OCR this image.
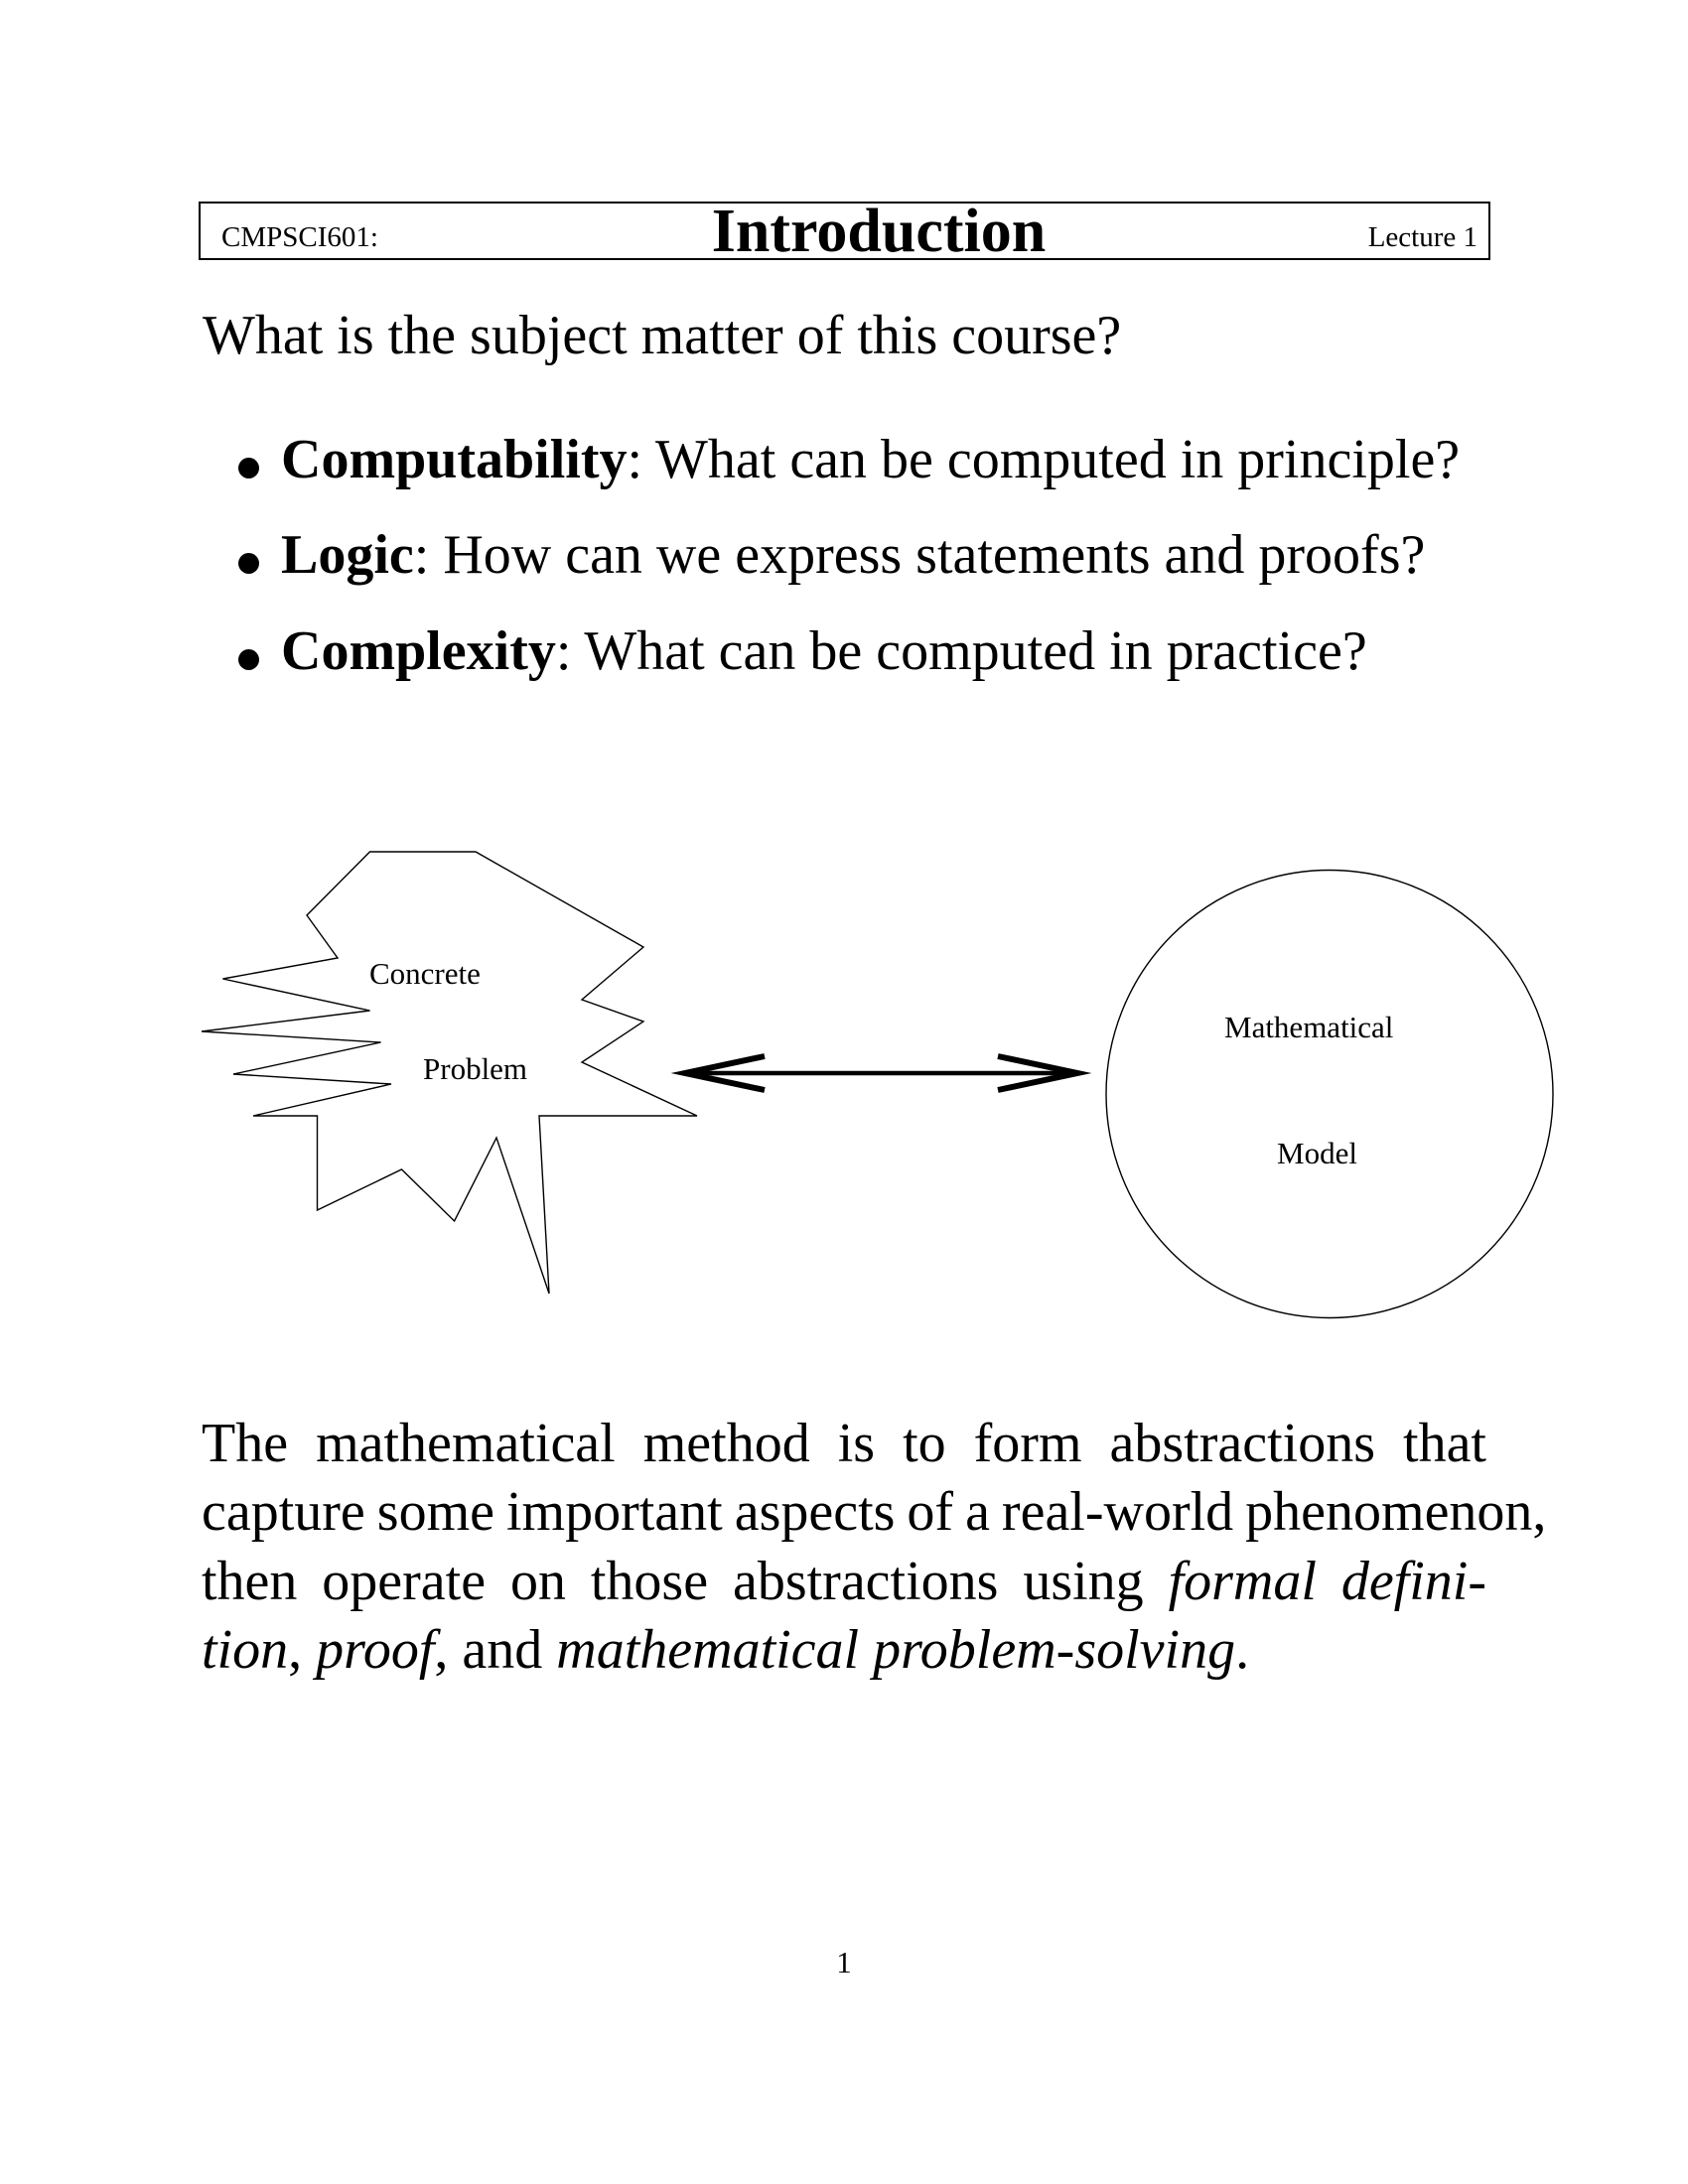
CMPSCI601:	Introduction	Lecture 1
What is the subject matter of this course?
Computability: What can be computed in principle?
Logic: How can we express statements and proofs?
Complexity: What can be computed in practice?
Concrete
Problem
Mathematical
Model
The mathematical method is to form abstractions that
capture some important aspects of a real-world phenomenon,
then operate on those abstractions using formal defini-
tion, proof, and mathematical problem-solving.
1
